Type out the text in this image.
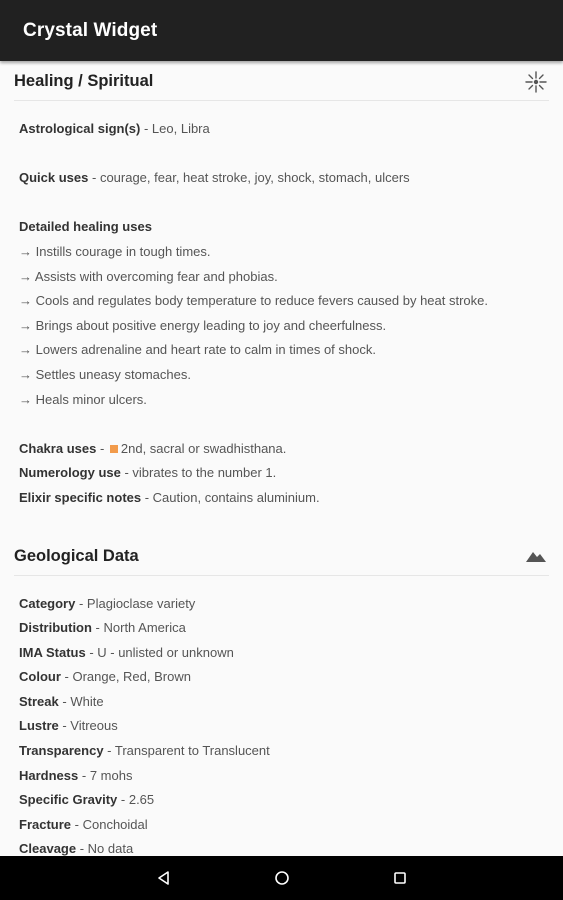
Crystal Widget
Healing / Spiritual
Astrological sign(s) - Leo, Libra
Quick uses - courage, fear, heat stroke, joy, shock, stomach, ulcers
Detailed healing uses
→ Instills courage in tough times.
→ Assists with overcoming fear and phobias.
→ Cools and regulates body temperature to reduce fevers caused by heat stroke.
→ Brings about positive energy leading to joy and cheerfulness.
→ Lowers adrenaline and heart rate to calm in times of shock.
→ Settles uneasy stomaches.
→ Heals minor ulcers.
Chakra uses - 2nd, sacral or swadhisthana.
Numerology use - vibrates to the number 1.
Elixir specific notes - Caution, contains aluminium.
Geological Data
Category - Plagioclase variety
Distribution - North America
IMA Status - U - unlisted or unknown
Colour - Orange, Red, Brown
Streak - White
Lustre - Vitreous
Transparency - Transparent to Translucent
Hardness - 7 mohs
Specific Gravity - 2.65
Fracture - Conchoidal
Cleavage - No data
